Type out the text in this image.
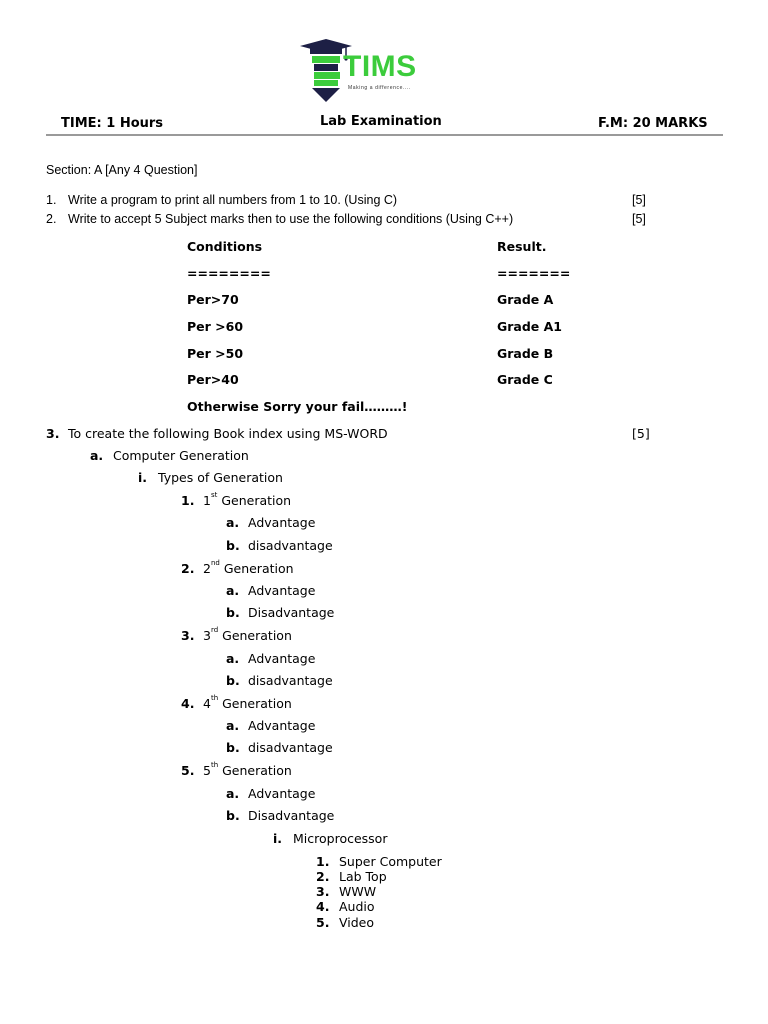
TIMS
Making a difference....
TIME: 1 Hours	Lab Examination	F.M: 20 MARKS
Section: A [Any 4 Question]
1. Write a program to print all numbers from 1 to 10. (Using C)	[5]
2. Write to accept 5 Subject marks then to use the following conditions (Using C++)	[5]
Conditions	Result.
========	=======
Per>70	Grade A
Per >60	Grade A1
Per >50	Grade B
Per>40	Grade C
Otherwise Sorry your fail………!
3. To create the following Book index using MS-WORD	[5]
a. Computer Generation
i. Types of Generation
1. 1st Generation
a. Advantage
b. disadvantage
2. 2nd Generation
a. Advantage
b. Disadvantage
3. 3rd Generation
a. Advantage
b. disadvantage
4. 4th Generation
a. Advantage
b. disadvantage
5. 5th Generation
a. Advantage
b. Disadvantage
i. Microprocessor
1. Super Computer
2. Lab Top
3. WWW
4. Audio
5. Video
